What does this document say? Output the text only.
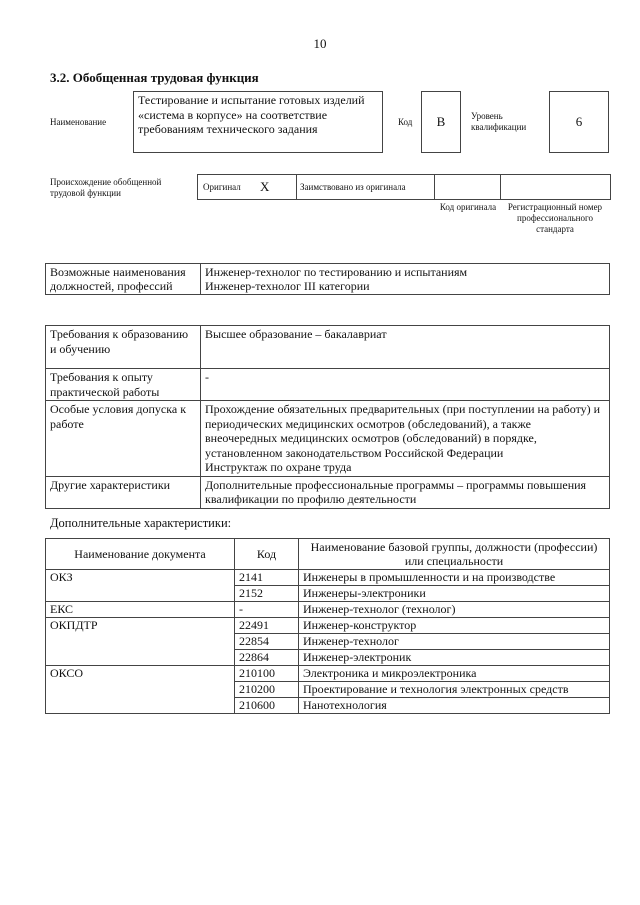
10
3.2. Обобщенная трудовая функция
Наименование
Тестирование и испытание готовых изделий «система в корпусе» на соответствие требованиям технического задания	Код	В	Уровень квалификации	6
Происхождение обобщенной трудовой функции
Оригинал X	Заимствовано из оригинала
Код оригинала	Регистрационный номер профессионального стандарта
Возможные наименования должностей, профессий	Инженер-технолог по тестированию и испытаниям
Инженер-технолог III категории
Требования к образованию и обучению	Высшее образование – бакалавриат
Требования к опыту практической работы	-
Особые условия допуска к работе	Прохождение обязательных предварительных (при поступлении на работу) и периодических медицинских осмотров (обследований), а также внеочередных медицинских осмотров (обследований) в порядке, установленном законодательством Российской Федерации
Инструктаж по охране труда
Другие характеристики	Дополнительные профессиональные программы – программы повышения квалификации по профилю деятельности
Дополнительные характеристики:
Наименование документа	Код	Наименование базовой группы, должности (профессии) или специальности
ОКЗ	2141	Инженеры в промышленности и на производстве
	2152	Инженеры-электроники
ЕКС	-	Инженер-технолог (технолог)
ОКПДТР	22491	Инженер-конструктор
	22854	Инженер-технолог
	22864	Инженер-электроник
ОКСО	210100	Электроника и микроэлектроника
	210200	Проектирование и технология электронных средств
	210600	Нанотехнология
